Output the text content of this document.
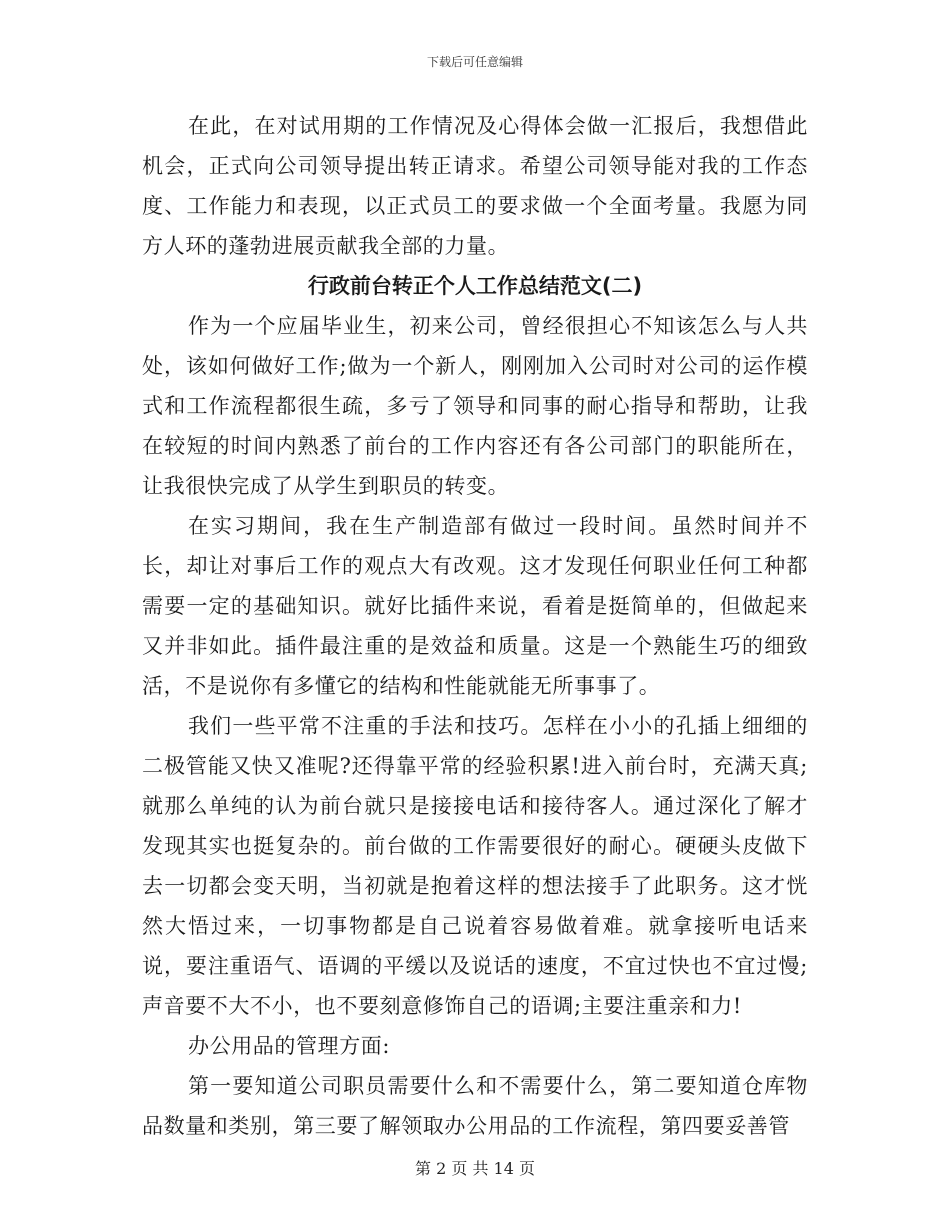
下载后可任意编辑

在此，在对试用期的工作情况及心得体会做一汇报后，我想借此机会，正式向公司领导提出转正请求。希望公司领导能对我的工作态度、工作能力和表现，以正式员工的要求做一个全面考量。我愿为同方人环的蓬勃进展贡献我全部的力量。

行政前台转正个人工作总结范文(二)

作为一个应届毕业生，初来公司，曾经很担心不知该怎么与人共处，该如何做好工作;做为一个新人，刚刚加入公司时对公司的运作模式和工作流程都很生疏，多亏了领导和同事的耐心指导和帮助，让我在较短的时间内熟悉了前台的工作内容还有各公司部门的职能所在，让我很快完成了从学生到职员的转变。

在实习期间，我在生产制造部有做过一段时间。虽然时间并不长，却让对事后工作的观点大有改观。这才发现任何职业任何工种都需要一定的基础知识。就好比插件来说，看着是挺简单的，但做起来又并非如此。插件最注重的是效益和质量。这是一个熟能生巧的细致活，不是说你有多懂它的结构和性能就能无所事事了。

我们一些平常不注重的手法和技巧。怎样在小小的孔插上细细的二极管能又快又准呢?还得靠平常的经验积累!进入前台时，充满天真;就那么单纯的认为前台就只是接接电话和接待客人。通过深化了解才发现其实也挺复杂的。前台做的工作需要很好的耐心。硬硬头皮做下去一切都会变天明，当初就是抱着这样的想法接手了此职务。这才恍然大悟过来，一切事物都是自己说着容易做着难。就拿接听电话来说，要注重语气、语调的平缓以及说话的速度，不宜过快也不宜过慢;声音要不大不小，也不要刻意修饰自己的语调;主要注重亲和力!

办公用品的管理方面:

第一要知道公司职员需要什么和不需要什么，第二要知道仓库物品数量和类别，第三要了解领取办公用品的工作流程，第四要妥善管

第 2 页 共 14 页
